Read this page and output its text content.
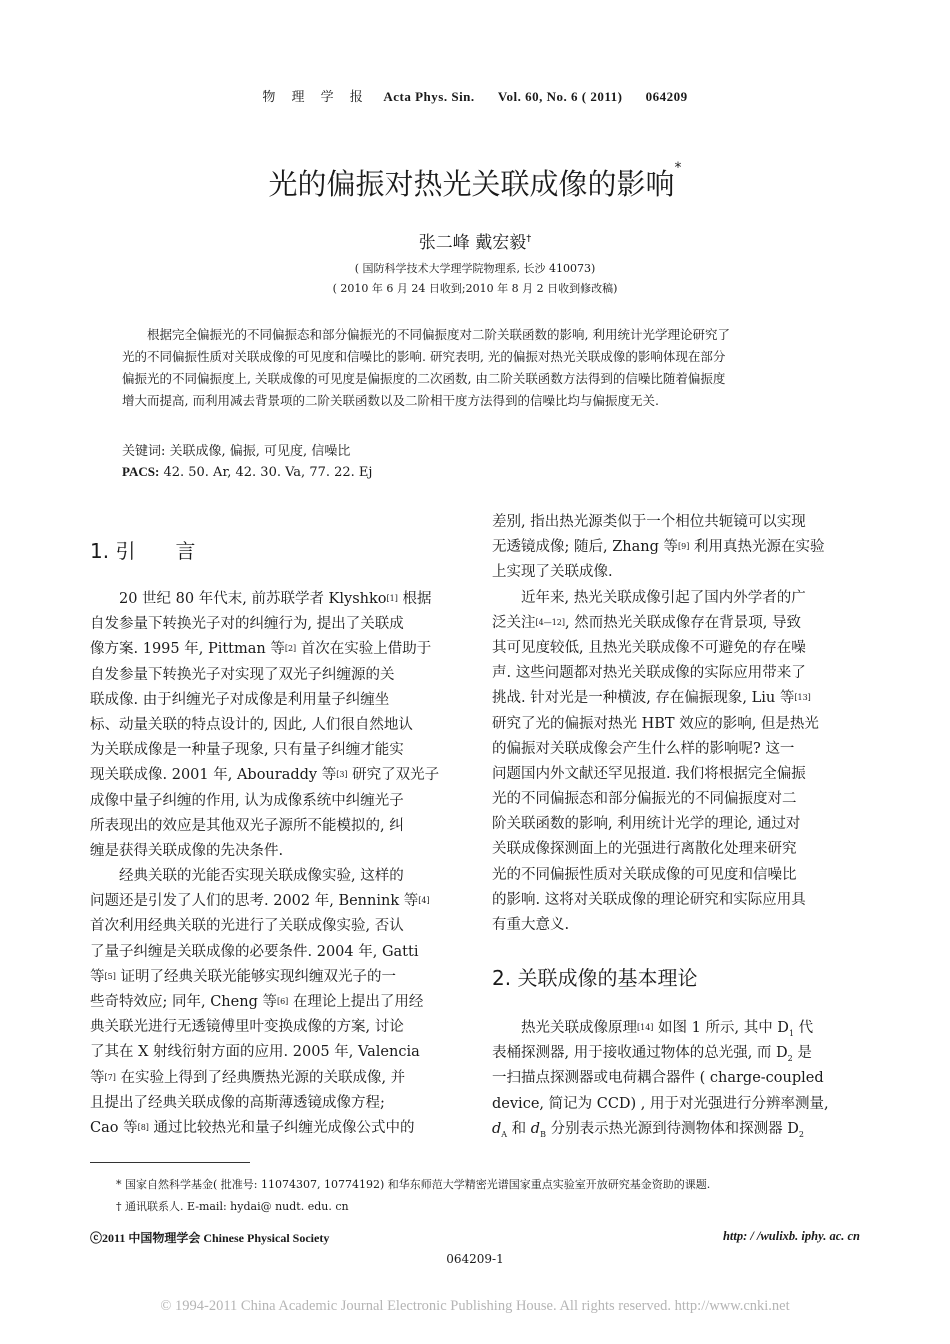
物 理 学 报 Acta Phys. Sin. Vol. 60, No. 6 ( 2011) 064209
光的偏振对热光关联成像的影响*
张二峰 戴宏毅†
( 国防科学技术大学理学院物理系, 长沙 410073)
( 2010 年 6 月 24 日收到;2010 年 8 月 2 日收到修改稿)
　　根据完全偏振光的不同偏振态和部分偏振光的不同偏振度对二阶关联函数的影响, 利用统计光学理论研究了
光的不同偏振性质对关联成像的可见度和信噪比的影响. 研究表明, 光的偏振对热光关联成像的影响体现在部分
偏振光的不同偏振度上, 关联成像的可见度是偏振度的二次函数, 由二阶关联函数方法得到的信噪比随着偏振度
增大而提高, 而利用减去背景项的二阶关联函数以及二阶相干度方法得到的信噪比均与偏振度无关.
关键词: 关联成像, 偏振, 可见度, 信噪比
PACS: 42. 50. Ar, 42. 30. Va, 77. 22. Ej
1. 引　　言
　　20 世纪 80 年代末, 前苏联学者 Klyshko[1] 根据
自发参量下转换光子对的纠缠行为, 提出了关联成
像方案. 1995 年, Pittman 等[2] 首次在实验上借助于
自发参量下转换光子对实现了双光子纠缠源的关
联成像. 由于纠缠光子对成像是利用量子纠缠坐
标、动量关联的特点设计的, 因此, 人们很自然地认
为关联成像是一种量子现象, 只有量子纠缠才能实
现关联成像. 2001 年, Abouraddy 等[3] 研究了双光子
成像中量子纠缠的作用, 认为成像系统中纠缠光子
所表现出的效应是其他双光子源所不能模拟的, 纠
缠是获得关联成像的先决条件.
　　经典关联的光能否实现关联成像实验, 这样的
问题还是引发了人们的思考. 2002 年, Bennink 等[4]
首次利用经典关联的光进行了关联成像实验, 否认
了量子纠缠是关联成像的必要条件. 2004 年, Gatti
等[5] 证明了经典关联光能够实现纠缠双光子的一
些奇特效应; 同年, Cheng 等[6] 在理论上提出了用经
典关联光进行无透镜傅里叶变换成像的方案, 讨论
了其在 X 射线衍射方面的应用. 2005 年, Valencia
等[7] 在实验上得到了经典赝热光源的关联成像, 并
且提出了经典关联成像的高斯薄透镜成像方程;
Cao 等[8] 通过比较热光和量子纠缠光成像公式中的
差别, 指出热光源类似于一个相位共轭镜可以实现
无透镜成像; 随后, Zhang 等[9] 利用真热光源在实验
上实现了关联成像.
　　近年来, 热光关联成像引起了国内外学者的广
泛关注[4—12], 然而热光关联成像存在背景项, 导致
其可见度较低, 且热光关联成像不可避免的存在噪
声. 这些问题都对热光关联成像的实际应用带来了
挑战. 针对光是一种横波, 存在偏振现象, Liu 等[13]
研究了光的偏振对热光 HBT 效应的影响, 但是热光
的偏振对关联成像会产生什么样的影响呢? 这一
问题国内外文献还罕见报道. 我们将根据完全偏振
光的不同偏振态和部分偏振光的不同偏振度对二
阶关联函数的影响, 利用统计光学的理论, 通过对
关联成像探测面上的光强进行离散化处理来研究
光的不同偏振性质对关联成像的可见度和信噪比
的影响. 这将对关联成像的理论研究和实际应用具
有重大意义.
2. 关联成像的基本理论
　　热光关联成像原理[14] 如图 1 所示, 其中 $D_1$ 代
表桶探测器, 用于接收通过物体的总光强, 而 $D_2$ 是
一扫描点探测器或电荷耦合器件 ( charge-coupled
device, 简记为 CCD) , 用于对光强进行分辨率测量,
$d_A$ 和 $d_B$ 分别表示热光源到待测物体和探测器 $D_2$
* 国家自然科学基金( 批准号: 11074307, 10774192) 和华东师范大学精密光谱国家重点实验室开放研究基金资助的课题.
† 通讯联系人. E-mail: hydai@ nudt. edu. cn
ⓒ2011 中国物理学会 Chinese Physical Society	http: / /wulixb. iphy. ac. cn
064209-1
© 1994-2011 China Academic Journal Electronic Publishing House. All rights reserved. http://www.cnki.net
